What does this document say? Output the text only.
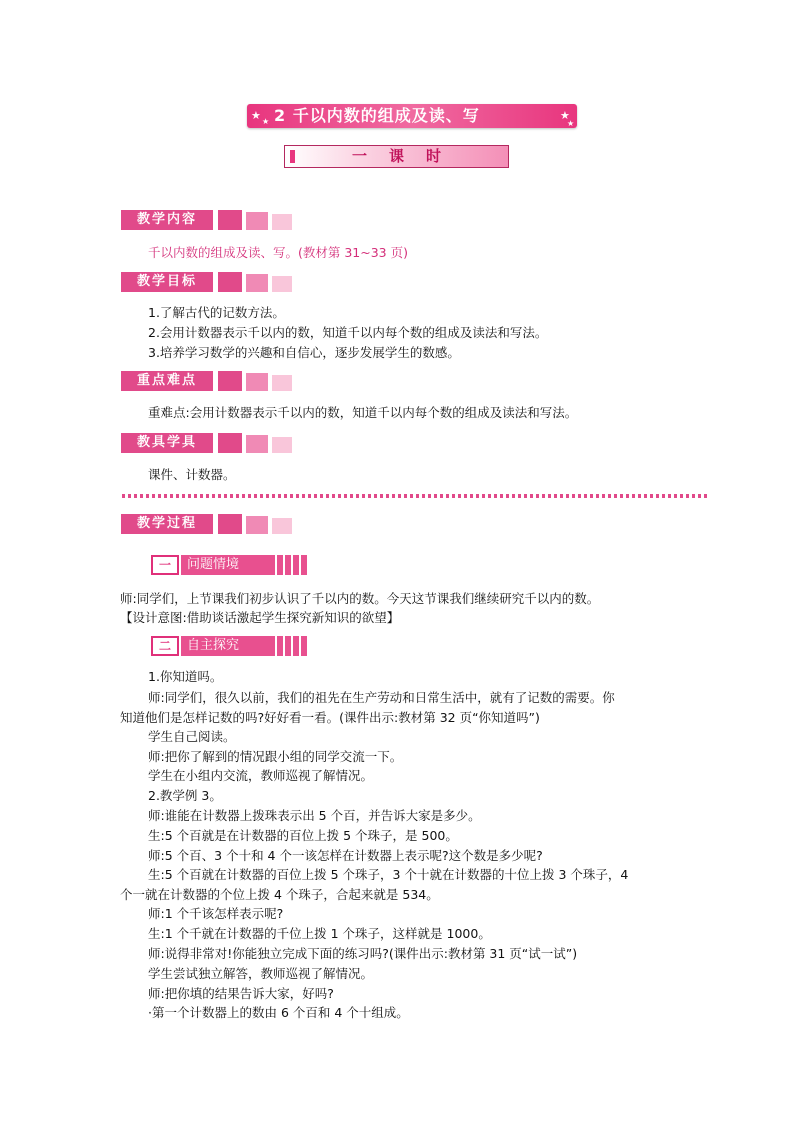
★ ★	★
★
2 千以内数的组成及读、写
一课时
教学内容
千以内数的组成及读、写。(教材第 31~33 页)
教学目标
1.了解古代的记数方法。
2.会用计数器表示千以内的数，知道千以内每个数的组成及读法和写法。
3.培养学习数学的兴趣和自信心，逐步发展学生的数感。
重点难点
重难点:会用计数器表示千以内的数，知道千以内每个数的组成及读法和写法。
教具学具
课件、计数器。
教学过程
一	问题情境
师:同学们，上节课我们初步认识了千以内的数。今天这节课我们继续研究千以内的数。
【设计意图:借助谈话激起学生探究新知识的欲望】
二	自主探究
1.你知道吗。
师:同学们，很久以前，我们的祖先在生产劳动和日常生活中，就有了记数的需要。你
知道他们是怎样记数的吗?好好看一看。(课件出示:教材第 32 页“你知道吗”)
学生自己阅读。
师:把你了解到的情况跟小组的同学交流一下。
学生在小组内交流，教师巡视了解情况。
2.教学例 3。
师:谁能在计数器上拨珠表示出 5 个百，并告诉大家是多少。
生:5 个百就是在计数器的百位上拨 5 个珠子，是 500。
师:5 个百、3 个十和 4 个一该怎样在计数器上表示呢?这个数是多少呢?
生:5 个百就在计数器的百位上拨 5 个珠子，3 个十就在计数器的十位上拨 3 个珠子，4
个一就在计数器的个位上拨 4 个珠子，合起来就是 534。
师:1 个千该怎样表示呢?
生:1 个千就在计数器的千位上拨 1 个珠子，这样就是 1000。
师:说得非常对!你能独立完成下面的练习吗?(课件出示:教材第 31 页“试一试”)
学生尝试独立解答，教师巡视了解情况。
师:把你填的结果告诉大家，好吗?
·第一个计数器上的数由 6 个百和 4 个十组成。
